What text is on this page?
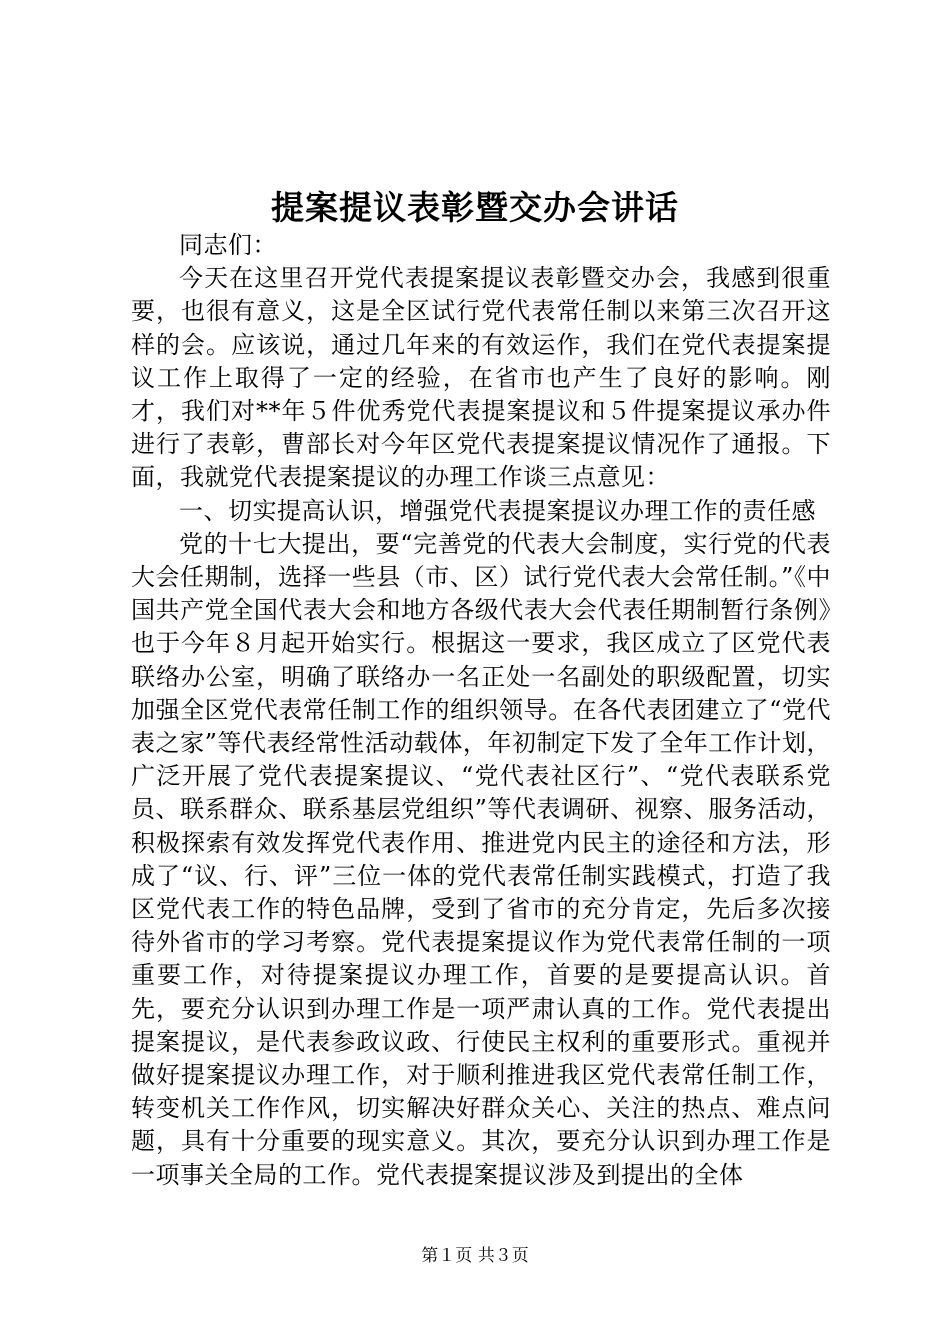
提案提议表彰暨交办会讲话

同志们：

今天在这里召开党代表提案提议表彰暨交办会，我感到很重要，也很有意义，这是全区试行党代表常任制以来第三次召开这样的会。应该说，通过几年来的有效运作，我们在党代表提案提议工作上取得了一定的经验，在省市也产生了良好的影响。刚才，我们对**年５件优秀党代表提案提议和５件提案提议承办件进行了表彰，曹部长对今年区党代表提案提议情况作了通报。下面，我就党代表提案提议的办理工作谈三点意见：

一、切实提高认识，增强党代表提案提议办理工作的责任感

党的十七大提出，要“完善党的代表大会制度，实行党的代表大会任期制，选择一些县（市、区）试行党代表大会常任制。”《中国共产党全国代表大会和地方各级代表大会代表任期制暂行条例》也于今年８月起开始实行。根据这一要求，我区成立了区党代表联络办公室，明确了联络办一名正处一名副处的职级配置，切实加强全区党代表常任制工作的组织领导。在各代表团建立了“党代表之家”等代表经常性活动载体，年初制定下发了全年工作计划，广泛开展了党代表提案提议、“党代表社区行”、“党代表联系党员、联系群众、联系基层党组织”等代表调研、视察、服务活动，积极探索有效发挥党代表作用、推进党内民主的途径和方法，形成了“议、行、评”三位一体的党代表常任制实践模式，打造了我区党代表工作的特色品牌，受到了省市的充分肯定，先后多次接待外省市的学习考察。党代表提案提议作为党代表常任制的一项重要工作，对待提案提议办理工作，首要的是要提高认识。首先，要充分认识到办理工作是一项严肃认真的工作。党代表提出提案提议，是代表参政议政、行使民主权利的重要形式。重视并做好提案提议办理工作，对于顺利推进我区党代表常任制工作，转变机关工作作风，切实解决好群众关心、关注的热点、难点问题，具有十分重要的现实意义。其次，要充分认识到办理工作是一项事关全局的工作。党代表提案提议涉及到提出的全体

第１页 共３页
